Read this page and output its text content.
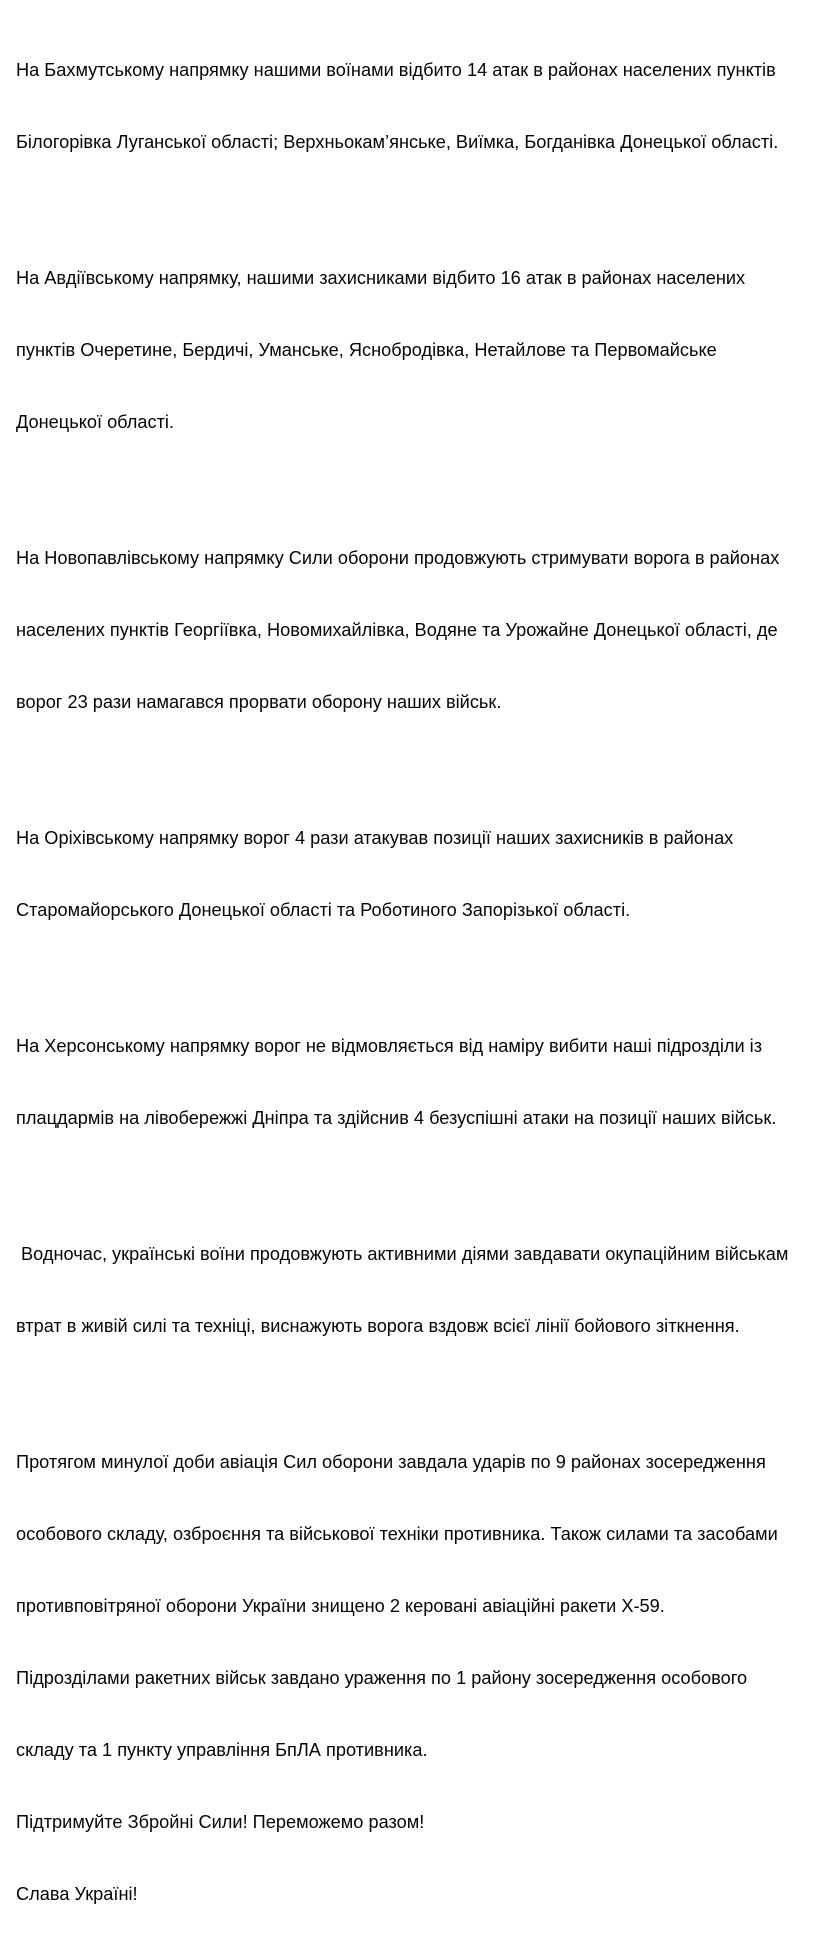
На Бахмутському напрямку нашими воїнами відбито 14 атак в районах населених пунктів

Білогорівка Луганської області; Верхньокам’янське, Виїмка, Богданівка Донецької області.

На Авдіївському напрямку, нашими захисниками відбито 16 атак в районах населених

пунктів Очеретине, Бердичі, Уманське, Яснобродівка, Нетайлове та Первомайське

Донецької області.

На Новопавлівському напрямку Сили оборони продовжують стримувати ворога в районах

населених пунктів Георгіївка, Новомихайлівка, Водяне та Урожайне Донецької області, де

ворог 23 рази намагався прорвати оборону наших військ.

На Оріхівському напрямку ворог 4 рази атакував позиції наших захисників в районах

Старомайорського Донецької області та Роботиного Запорізької області.

На Херсонському напрямку ворог не відмовляється від наміру вибити наші підрозділи із

плацдармів на лівобережжі Дніпра та здійснив 4 безуспішні атаки на позиції наших військ.

Водночас, українські воїни продовжують активними діями завдавати окупаційним військам

втрат в живій силі та техніці, виснажують ворога вздовж всієї лінії бойового зіткнення.

Протягом минулої доби авіація Сил оборони завдала ударів по 9 районах зосередження

особового складу, озброєння та військової техніки противника. Також силами та засобами

противповітряної оборони України знищено 2 керовані авіаційні ракети Х-59.

Підрозділами ракетних військ завдано ураження по 1 району зосередження особового

складу та 1 пункту управління БпЛА противника.

Підтримуйте Збройні Сили! Переможемо разом!

Слава Україні!
